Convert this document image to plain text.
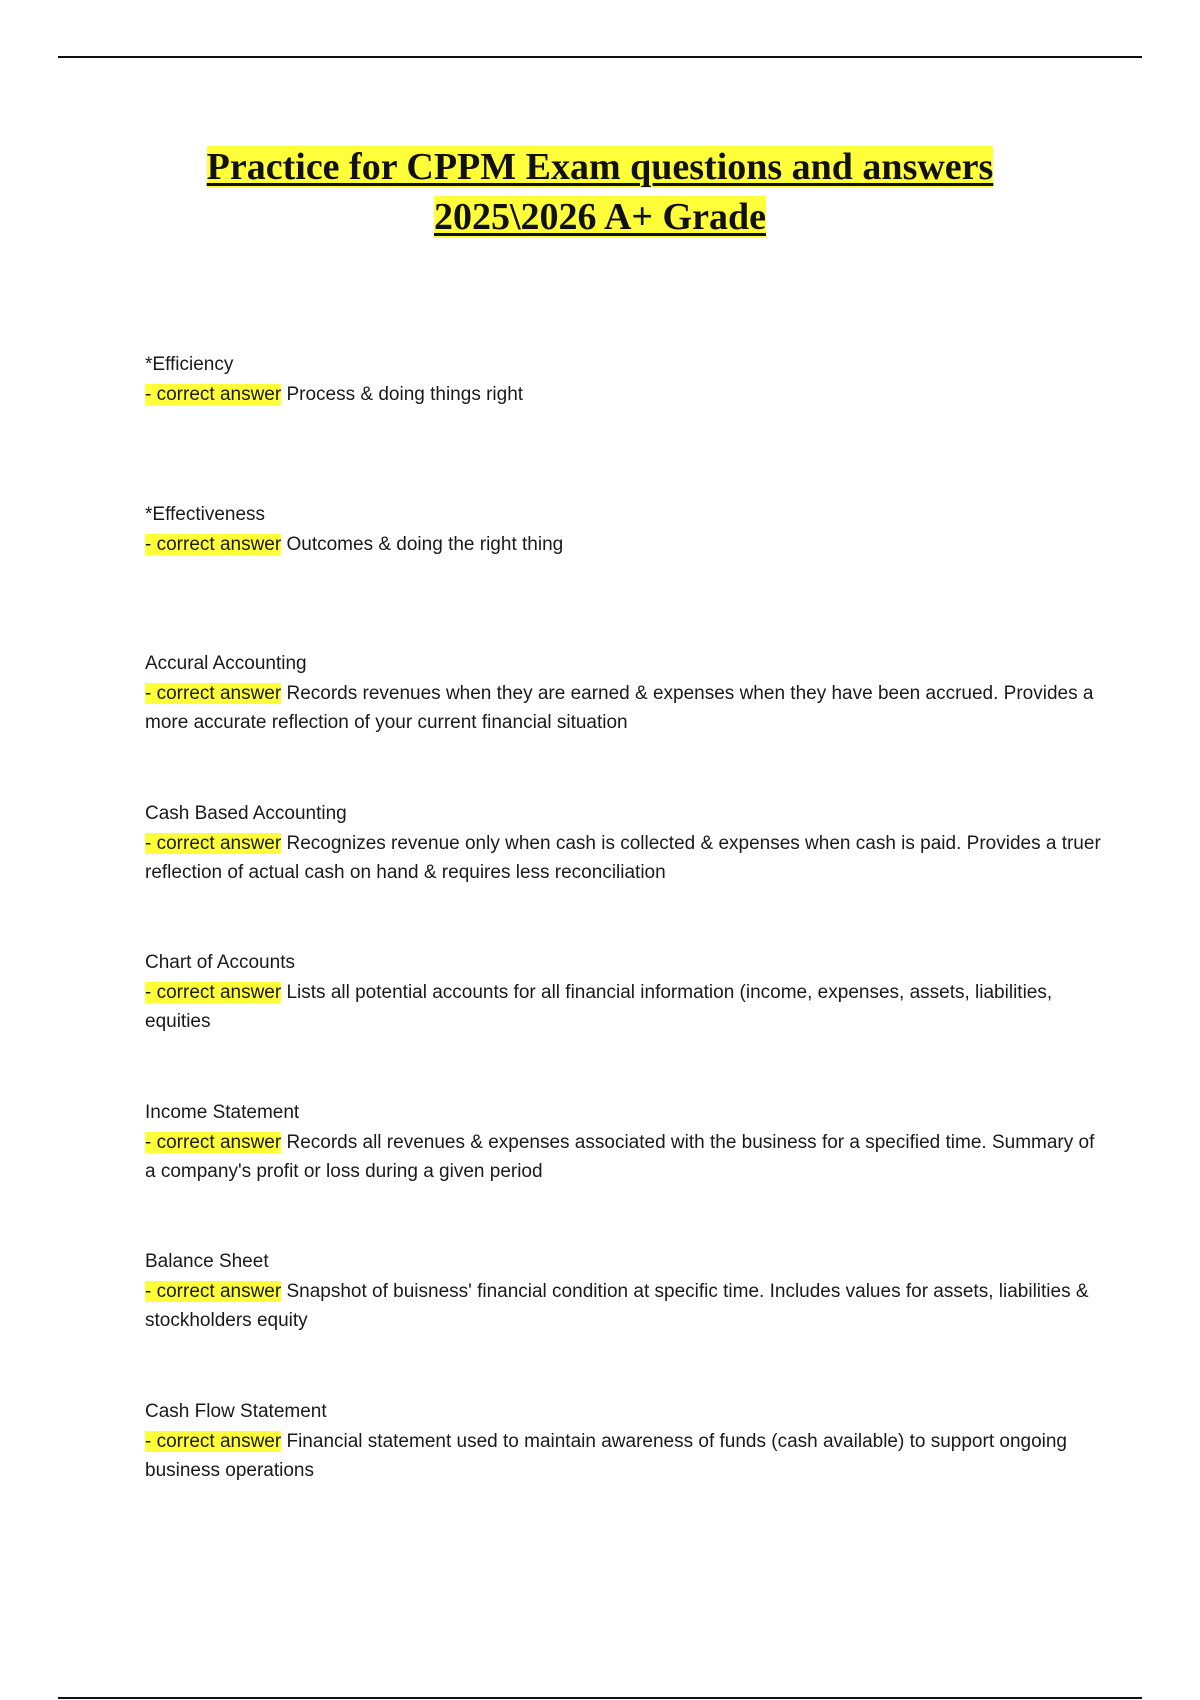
Practice for CPPM Exam questions and answers
2025\2026 A+ Grade
*Efficiency
- correct answer Process & doing things right
*Effectiveness
- correct answer Outcomes & doing the right thing
Accural Accounting
- correct answer Records revenues when they are earned & expenses when they have been accrued. Provides a more accurate reflection of your current financial situation
Cash Based Accounting
- correct answer Recognizes revenue only when cash is collected & expenses when cash is paid. Provides a truer reflection of actual cash on hand & requires less reconciliation
Chart of Accounts
- correct answer Lists all potential accounts for all financial information (income, expenses, assets, liabilities, equities
Income Statement
- correct answer Records all revenues & expenses associated with the business for a specified time. Summary of a company's profit or loss during a given period
Balance Sheet
- correct answer Snapshot of buisness' financial condition at specific time. Includes values for assets, liabilities & stockholders equity
Cash Flow Statement
- correct answer Financial statement used to maintain awareness of funds (cash available) to support ongoing business operations
